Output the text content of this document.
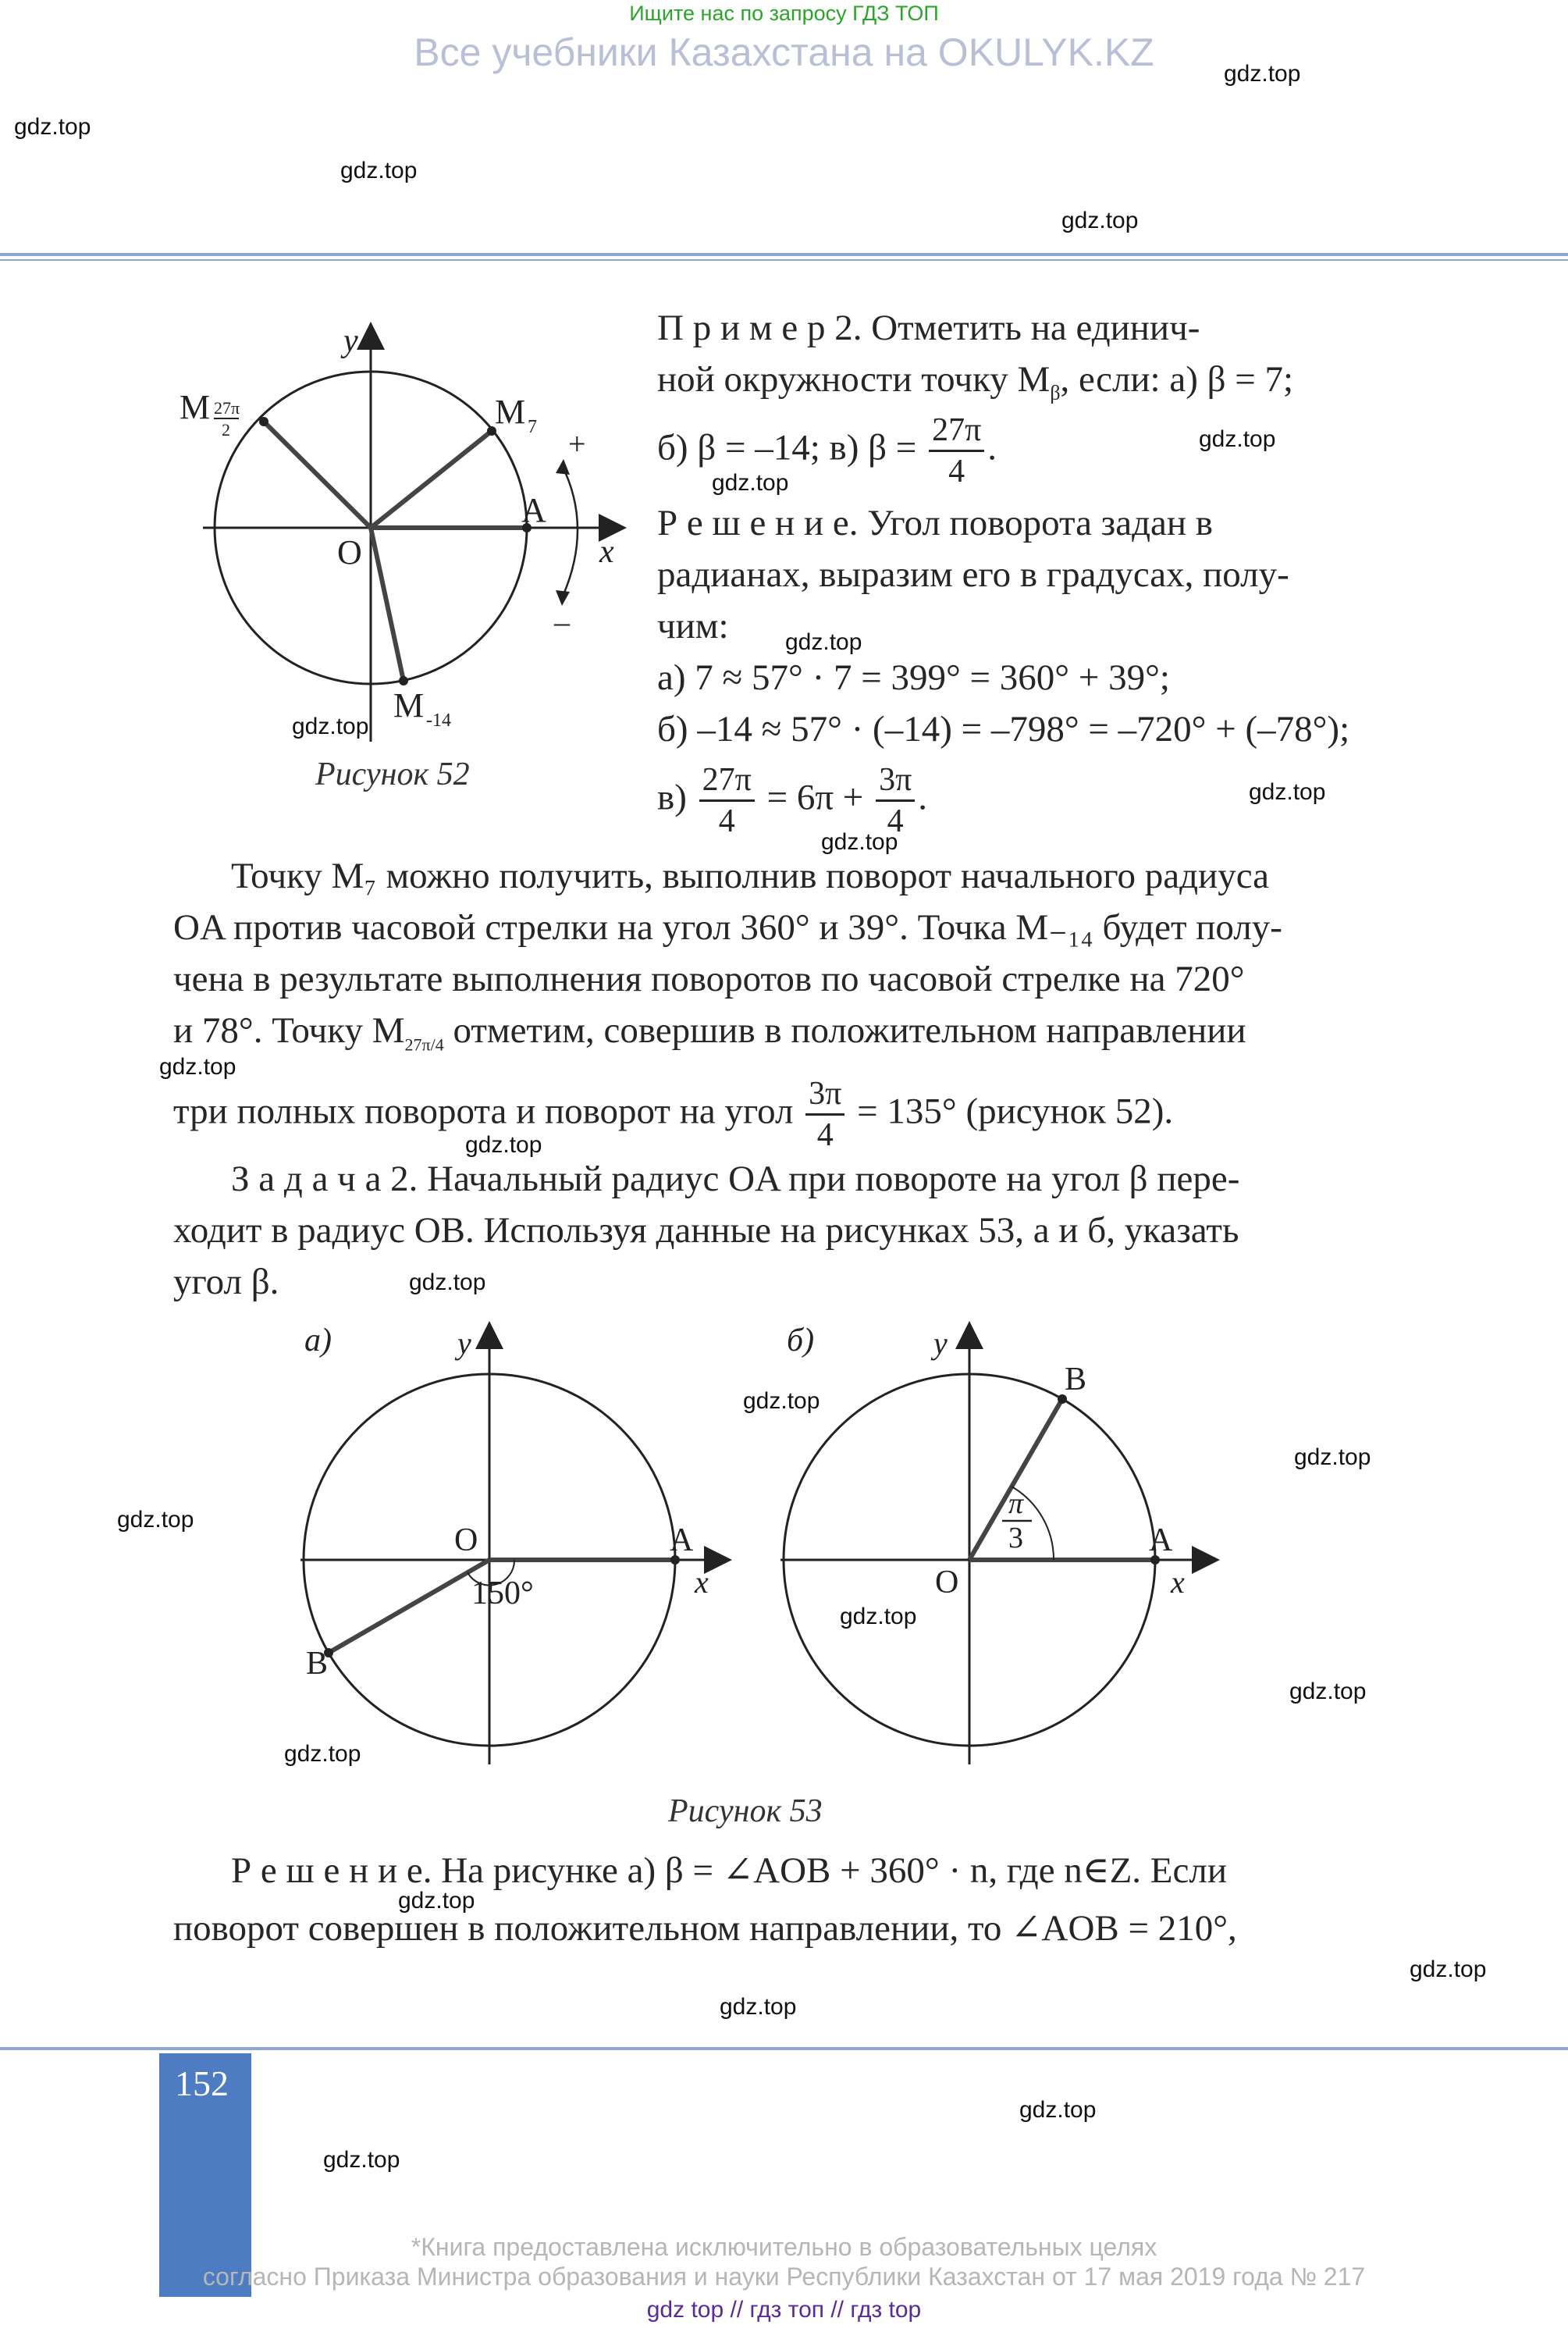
Ищите нас по запросу ГДЗ ТОП
Все учебники Казахстана на OKULYK.KZ	gdz.top
gdz.top
gdz.top
gdz.top
gdz.top
gdz.top
gdz.top
gdz.top
gdz.top
gdz.top
gdz.top
gdz.top
gdz.top
gdz.top
gdz.top
gdz.top
gdz.top
gdz.top
gdz.top
gdz.top
gdz.top
gdz.top
gdz.top
gdz.top
y
x
O
A
M 7
M -14
M 27π
2	+
–
Рисунок 52
П р и м е р 2. Отметить на единич-
ной окружности точку $M_\beta$, если: а) β = 7;
б) β = –14; в) $\beta = \frac{27\pi}{4}$ .
Р е ш е н и е. Угол поворота задан в
радианах, выразим его в градусах, полу-
чим:
а) 7 ≈ 57° · 7 = 399° = 360° + 39°;
б) –14 ≈ 57° · (–14) = –798° = –720° + (–78°);
$в) \frac{27\pi}{4} = 6\pi + \frac{3\pi}{4}$ .
Точку M₇ можно получить, выполнив поворот начального радиуса
OA против часовой стрелки на угол 360° и 39°. Точка M₋₁₄ будет полу-
чена в результате выполнения поворотов по часовой стрелке на 720°
и 78°. Точку $M_{27\pi/4}$ отметим, совершив в положительном направлении
три полных поворота и поворот на угол $\frac{3\pi}{4} = 135^\circ$ (рисунок 52).
З а д а ч а 2. Начальный радиус OA при повороте на угол β пере-
ходит в радиус OB. Используя данные на рисунках 53, а и б, указать
угол β.
а)	y
x
O	A
B
150°
б)	y
x
O
A
B
π
3
Рисунок 53
Р е ш е н и е. На рисунке а) β = ∠AOB + 360° · n, где n∈Z. Если
поворот совершен в положительном направлении, то ∠AOB = 210°,
152
*Книга предоставлена исключительно в образовательных целях
согласно Приказа Министра образования и науки Республики Казахстан от 17 мая 2019 года № 217
gdz top // гдз топ // гдз top
